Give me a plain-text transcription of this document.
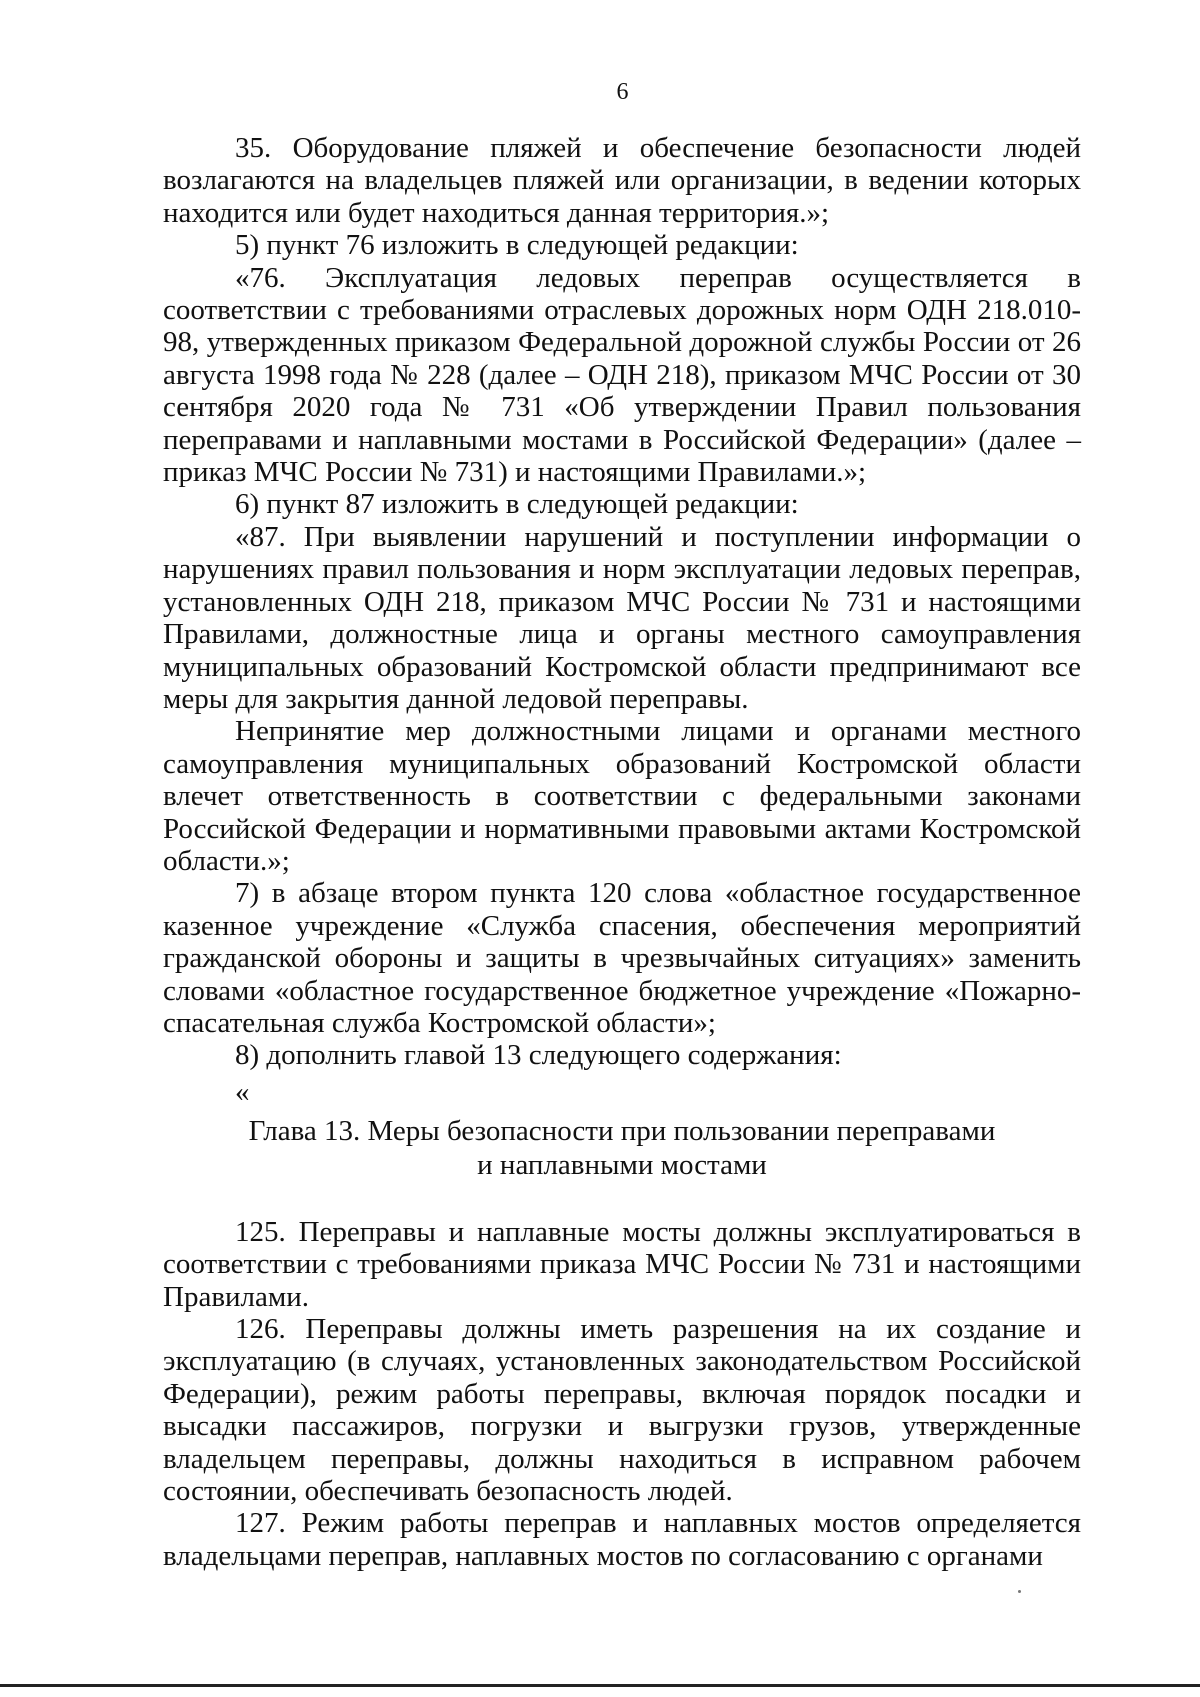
6

35. Оборудование пляжей и обеспечение безопасности людей возлагаются на владельцев пляжей или организации, в ведении которых находится или будет находиться данная территория.»;

5) пункт 76 изложить в следующей редакции:

«76. Эксплуатация ледовых переправ осуществляется в соответствии с требованиями отраслевых дорожных норм ОДН 218.010-98, утвержденных приказом Федеральной дорожной службы России от 26 августа 1998 года № 228 (далее – ОДН 218), приказом МЧС России от 30 сентября 2020 года № 731 «Об утверждении Правил пользования переправами и наплавными мостами в Российской Федерации» (далее – приказ МЧС России № 731) и настоящими Правилами.»;

6) пункт 87 изложить в следующей редакции:

«87. При выявлении нарушений и поступлении информации о нарушениях правил пользования и норм эксплуатации ледовых переправ, установленных ОДН 218, приказом МЧС России № 731 и настоящими Правилами, должностные лица и органы местного самоуправления муниципальных образований Костромской области предпринимают все меры для закрытия данной ледовой переправы.

Непринятие мер должностными лицами и органами местного самоуправления муниципальных образований Костромской области влечет ответственность в соответствии с федеральными законами Российской Федерации и нормативными правовыми актами Костромской области.»;

7) в абзаце втором пункта 120 слова «областное государственное казенное учреждение «Служба спасения, обеспечения мероприятий гражданской обороны и защиты в чрезвычайных ситуациях» заменить словами «областное государственное бюджетное учреждение «Пожарно-спасательная служба Костромской области»;

8) дополнить главой 13 следующего содержания:

«

Глава 13. Меры безопасности при пользовании переправами
и наплавными мостами

125. Переправы и наплавные мосты должны эксплуатироваться в соответствии с требованиями приказа МЧС России № 731 и настоящими Правилами.

126. Переправы должны иметь разрешения на их создание и эксплуатацию (в случаях, установленных законодательством Российской Федерации), режим работы переправы, включая порядок посадки и высадки пассажиров, погрузки и выгрузки грузов, утвержденные владельцем переправы, должны находиться в исправном рабочем состоянии, обеспечивать безопасность людей.

127. Режим работы переправ и наплавных мостов определяется владельцами переправ, наплавных мостов по согласованию с органами
